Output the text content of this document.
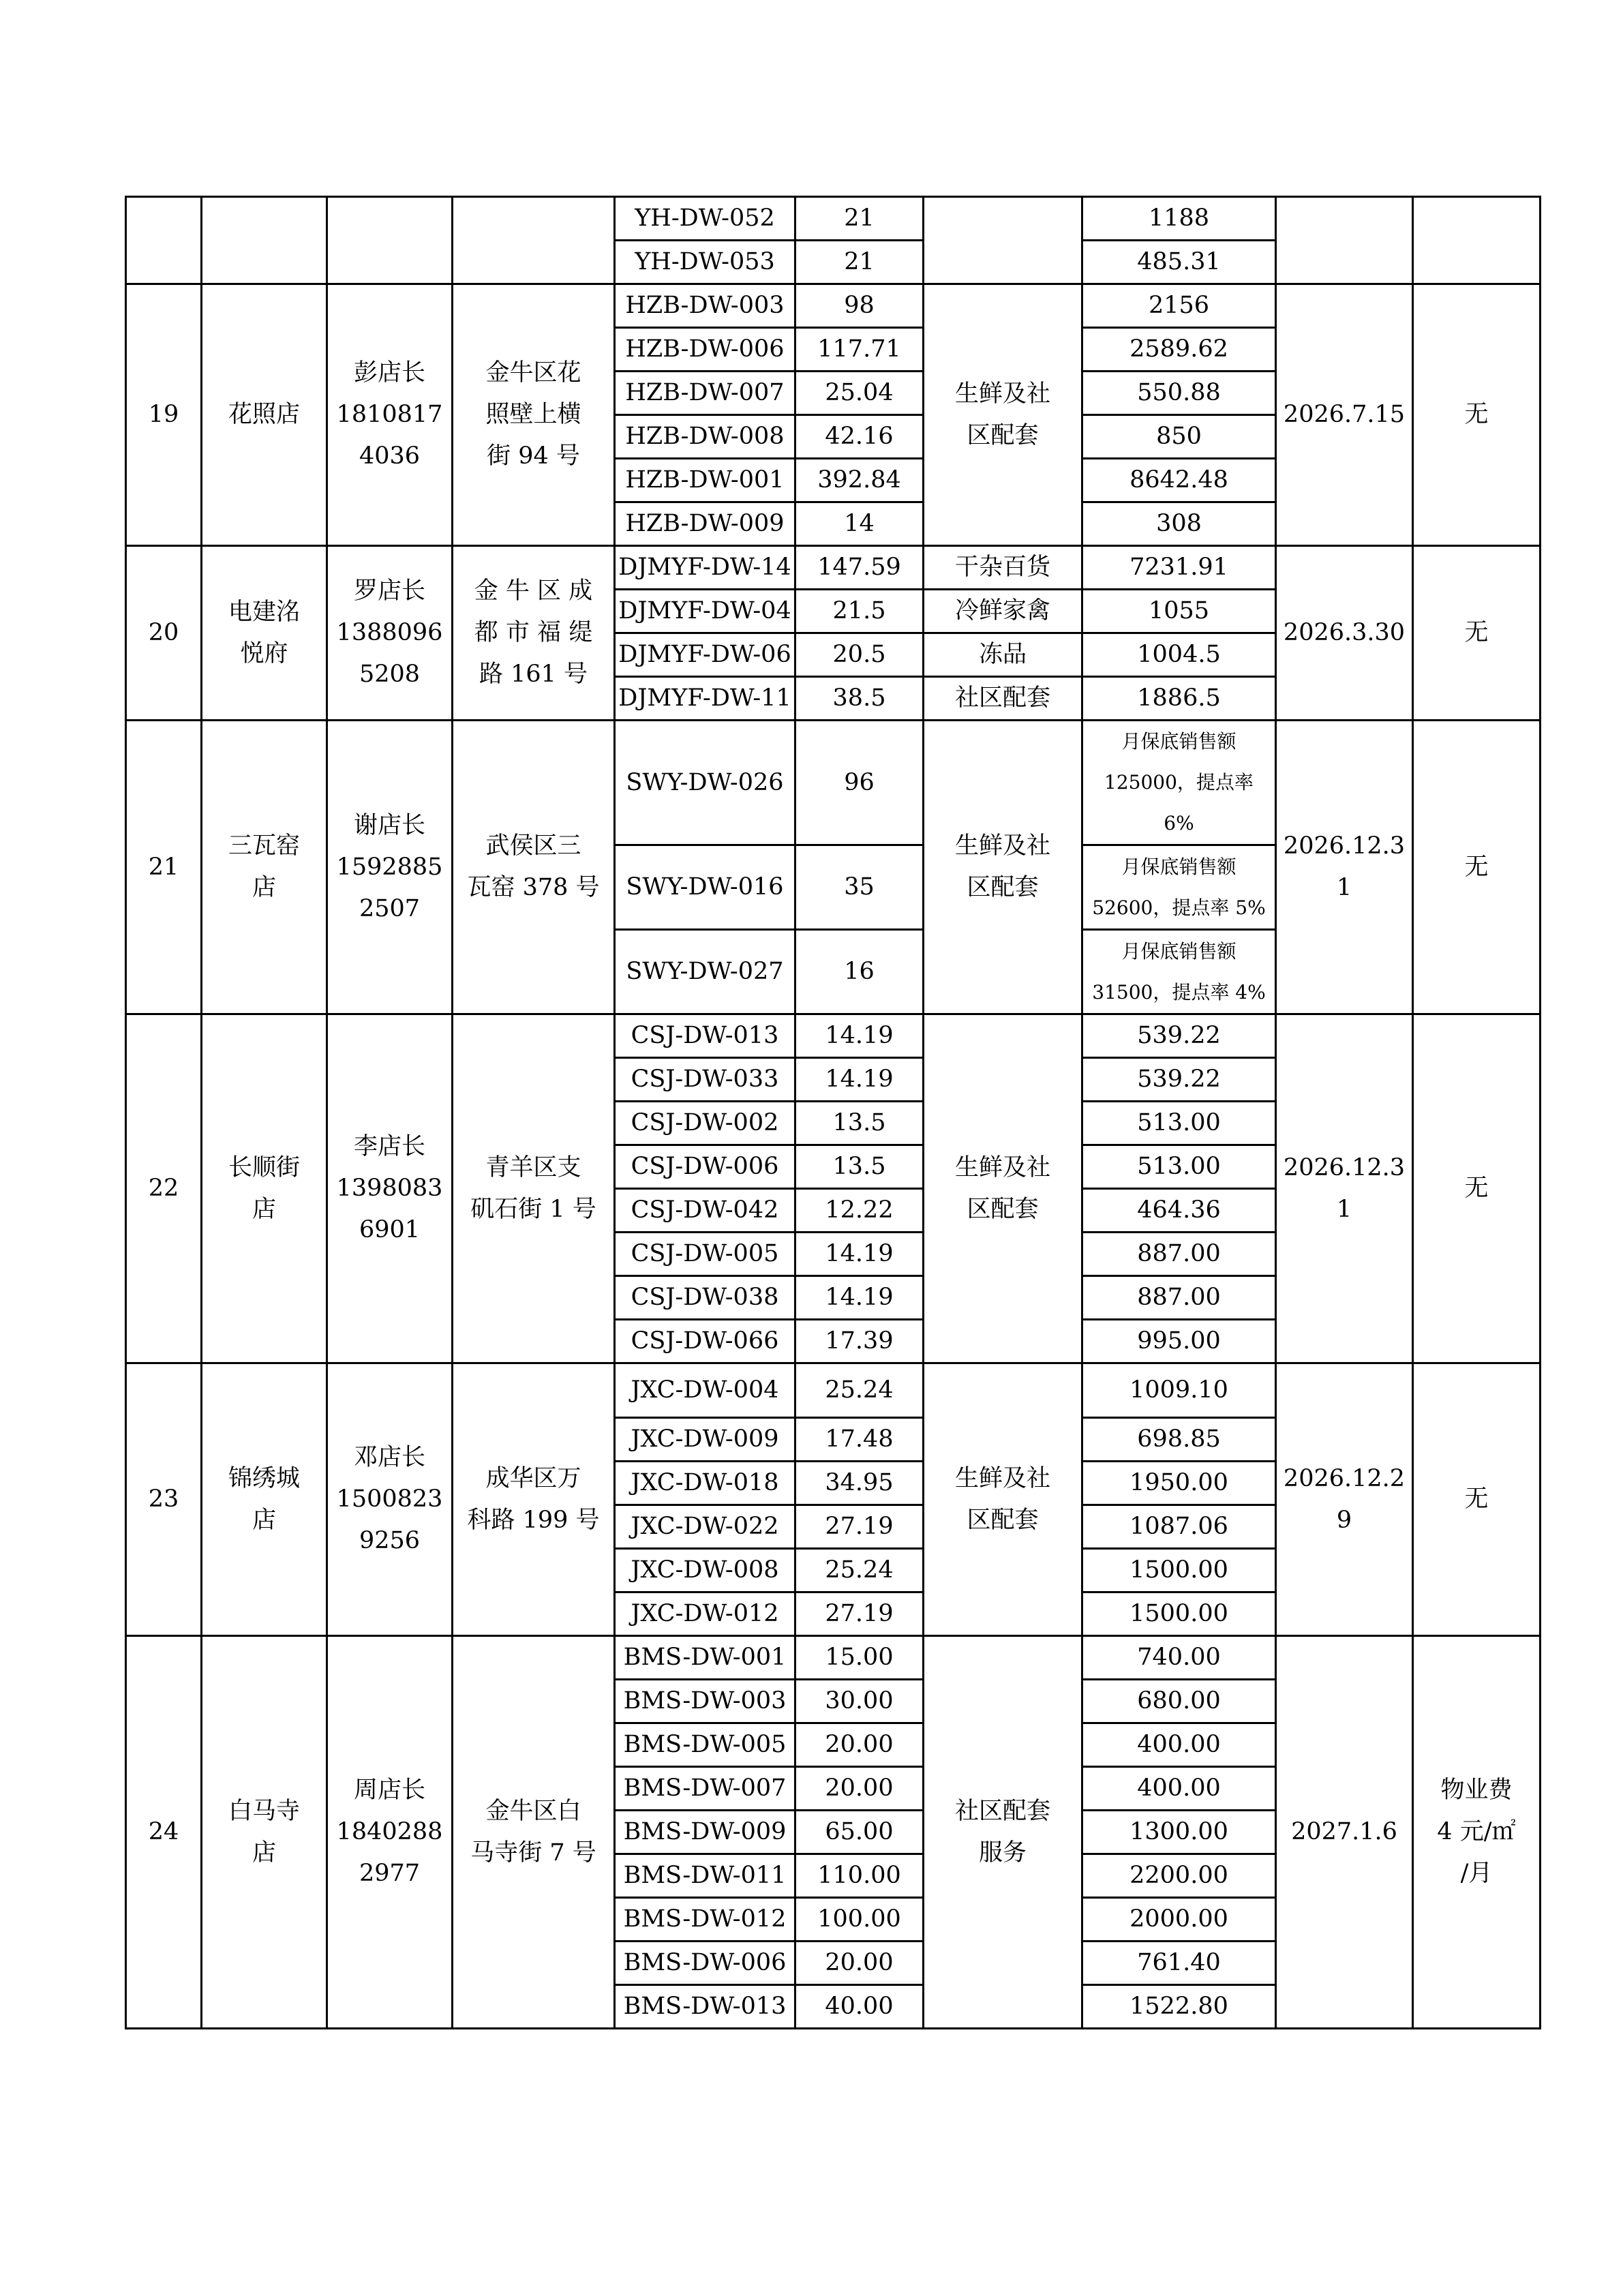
	YH-DW-052	21		1188		

				YH-DW-053	21		485.31		

19	花照店	彭店长
1810817
4036	金牛区花
照壁上横
街 94 号	HZB-DW-003	98	生鲜及社
区配套	2156	2026.7.15	无

				HZB-DW-006	117.71		2589.62		

				HZB-DW-007	25.04		550.88		

				HZB-DW-008	42.16		850		

				HZB-DW-001	392.84		8642.48		

				HZB-DW-009	14		308		

20	电建洺
悦府	罗店长
1388096
5208	金 牛 区 成
都 市 福 缇
路 161 号	DJMYF-DW-14	147.59	干杂百货	7231.91	2026.3.30	无

				DJMYF-DW-04	21.5	冷鲜家禽	1055		

				DJMYF-DW-06	20.5	冻品	1004.5		

				DJMYF-DW-11	38.5	社区配套	1886.5		

21	三瓦窑
店	谢店长
1592885
2507	武侯区三
瓦窑 378 号	SWY-DW-026	96	生鲜及社
区配套	月保底销售额
125000，提点率
6%	2026.12.3
1	无

				SWY-DW-016	35		月保底销售额
52600，提点率 5%		

				SWY-DW-027	16		月保底销售额
31500，提点率 4%		

22	长顺街
店	李店长
1398083
6901	青羊区支
矶石街 1 号	CSJ-DW-013	14.19	生鲜及社
区配套	539.22	2026.12.3
1	无

				CSJ-DW-033	14.19		539.22		

				CSJ-DW-002	13.5		513.00		

				CSJ-DW-006	13.5		513.00		

				CSJ-DW-042	12.22		464.36		

				CSJ-DW-005	14.19		887.00		

				CSJ-DW-038	14.19		887.00		

				CSJ-DW-066	17.39		995.00		

23	锦绣城
店	邓店长
1500823
9256	成华区万
科路 199 号	JXC-DW-004	25.24	生鲜及社
区配套	1009.10	2026.12.2
9	无

				JXC-DW-009	17.48		698.85		

				JXC-DW-018	34.95		1950.00		

				JXC-DW-022	27.19		1087.06		

				JXC-DW-008	25.24		1500.00		

				JXC-DW-012	27.19		1500.00		

24	白马寺
店	周店长
1840288
2977	金牛区白
马寺街 7 号	BMS-DW-001	15.00	社区配套
服务	740.00	2027.1.6	物业费
4 元/㎡
/月

				BMS-DW-003	30.00		680.00		

				BMS-DW-005	20.00		400.00		

				BMS-DW-007	20.00		400.00		

				BMS-DW-009	65.00		1300.00		

				BMS-DW-011	110.00		2200.00		

				BMS-DW-012	100.00		2000.00		

				BMS-DW-006	20.00		761.40		

				BMS-DW-013	40.00		1522.80		
